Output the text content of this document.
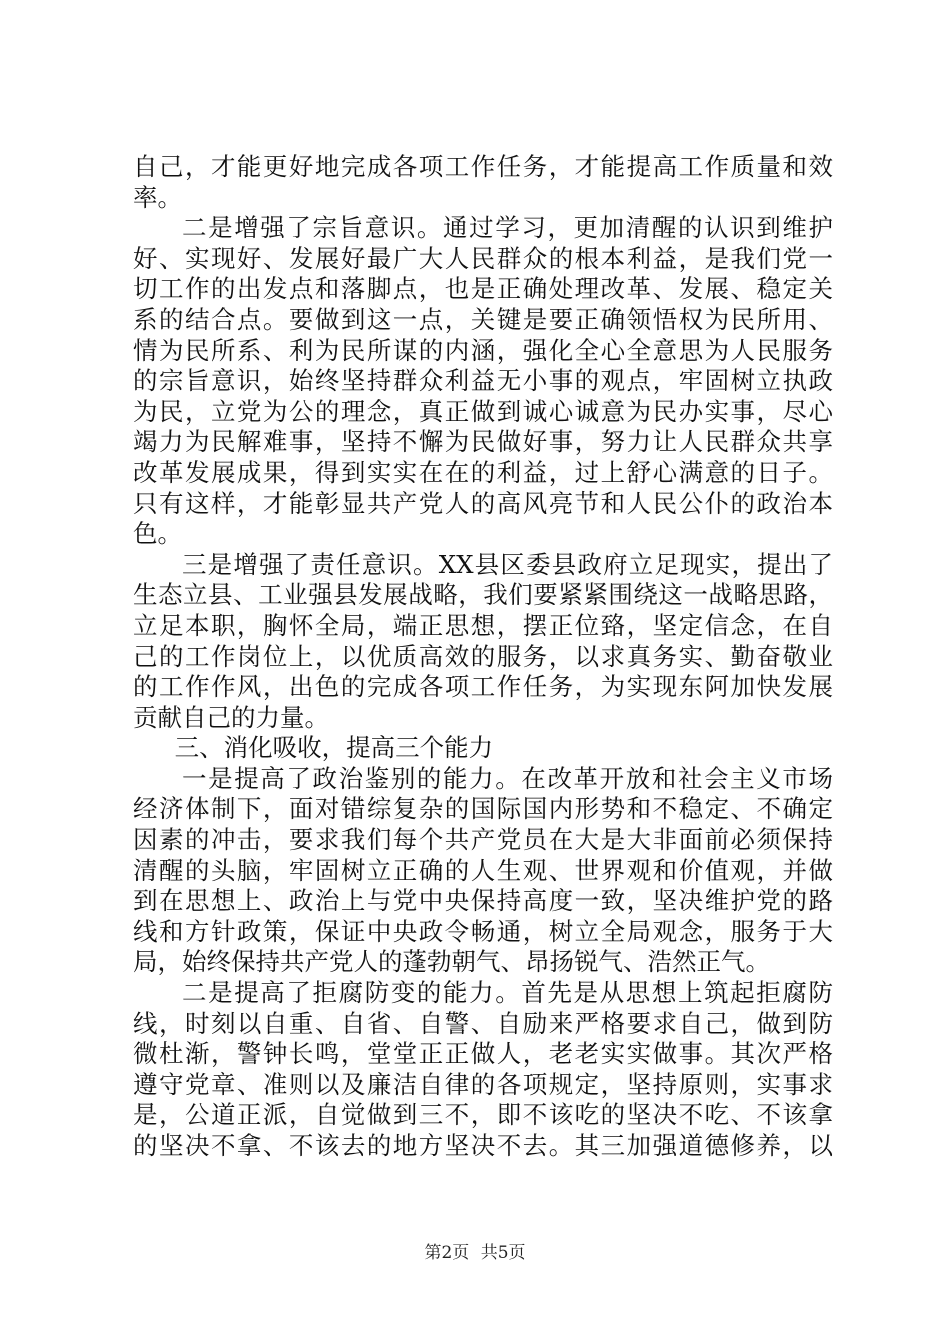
自己，才能更好地完成各项工作任务，才能提高工作质量和效
率。
二是增强了宗旨意识。通过学习，更加清醒的认识到维护
好、实现好、发展好最广大人民群众的根本利益，是我们党一
切工作的出发点和落脚点，也是正确处理改革、发展、稳定关
系的结合点。要做到这一点，关键是要正确领悟权为民所用、
情为民所系、利为民所谋的内涵，强化全心全意思为人民服务
的宗旨意识，始终坚持群众利益无小事的观点，牢固树立执政
为民，立党为公的理念，真正做到诚心诚意为民办实事，尽心
竭力为民解难事，坚持不懈为民做好事，努力让人民群众共享
改革发展成果，得到实实在在的利益，过上舒心满意的日子。
只有这样，才能彰显共产党人的高风亮节和人民公仆的政治本
色。
三是增强了责任意识。XX县区委县政府立足现实，提出了
生态立县、工业强县发展战略，我们要紧紧围绕这一战略思路，
立足本职，胸怀全局，端正思想，摆正位臵，坚定信念，在自
己的工作岗位上，以优质高效的服务，以求真务实、勤奋敬业
的工作作风，出色的完成各项工作任务，为实现东阿加快发展
贡献自己的力量。
三、消化吸收，提高三个能力
一是提高了政治鉴别的能力。在改革开放和社会主义市场
经济体制下，面对错综复杂的国际国内形势和不稳定、不确定
因素的冲击，要求我们每个共产党员在大是大非面前必须保持
清醒的头脑，牢固树立正确的人生观、世界观和价值观，并做
到在思想上、政治上与党中央保持高度一致，坚决维护党的路
线和方针政策，保证中央政令畅通，树立全局观念，服务于大
局，始终保持共产党人的蓬勃朝气、昂扬锐气、浩然正气。
二是提高了拒腐防变的能力。首先是从思想上筑起拒腐防
线，时刻以自重、自省、自警、自励来严格要求自己，做到防
微杜渐，警钟长鸣，堂堂正正做人，老老实实做事。其次严格
遵守党章、准则以及廉洁自律的各项规定，坚持原则，实事求
是，公道正派，自觉做到三不，即不该吃的坚决不吃、不该拿
的坚决不拿、不该去的地方坚决不去。其三加强道德修养，以
第2页 共5页
